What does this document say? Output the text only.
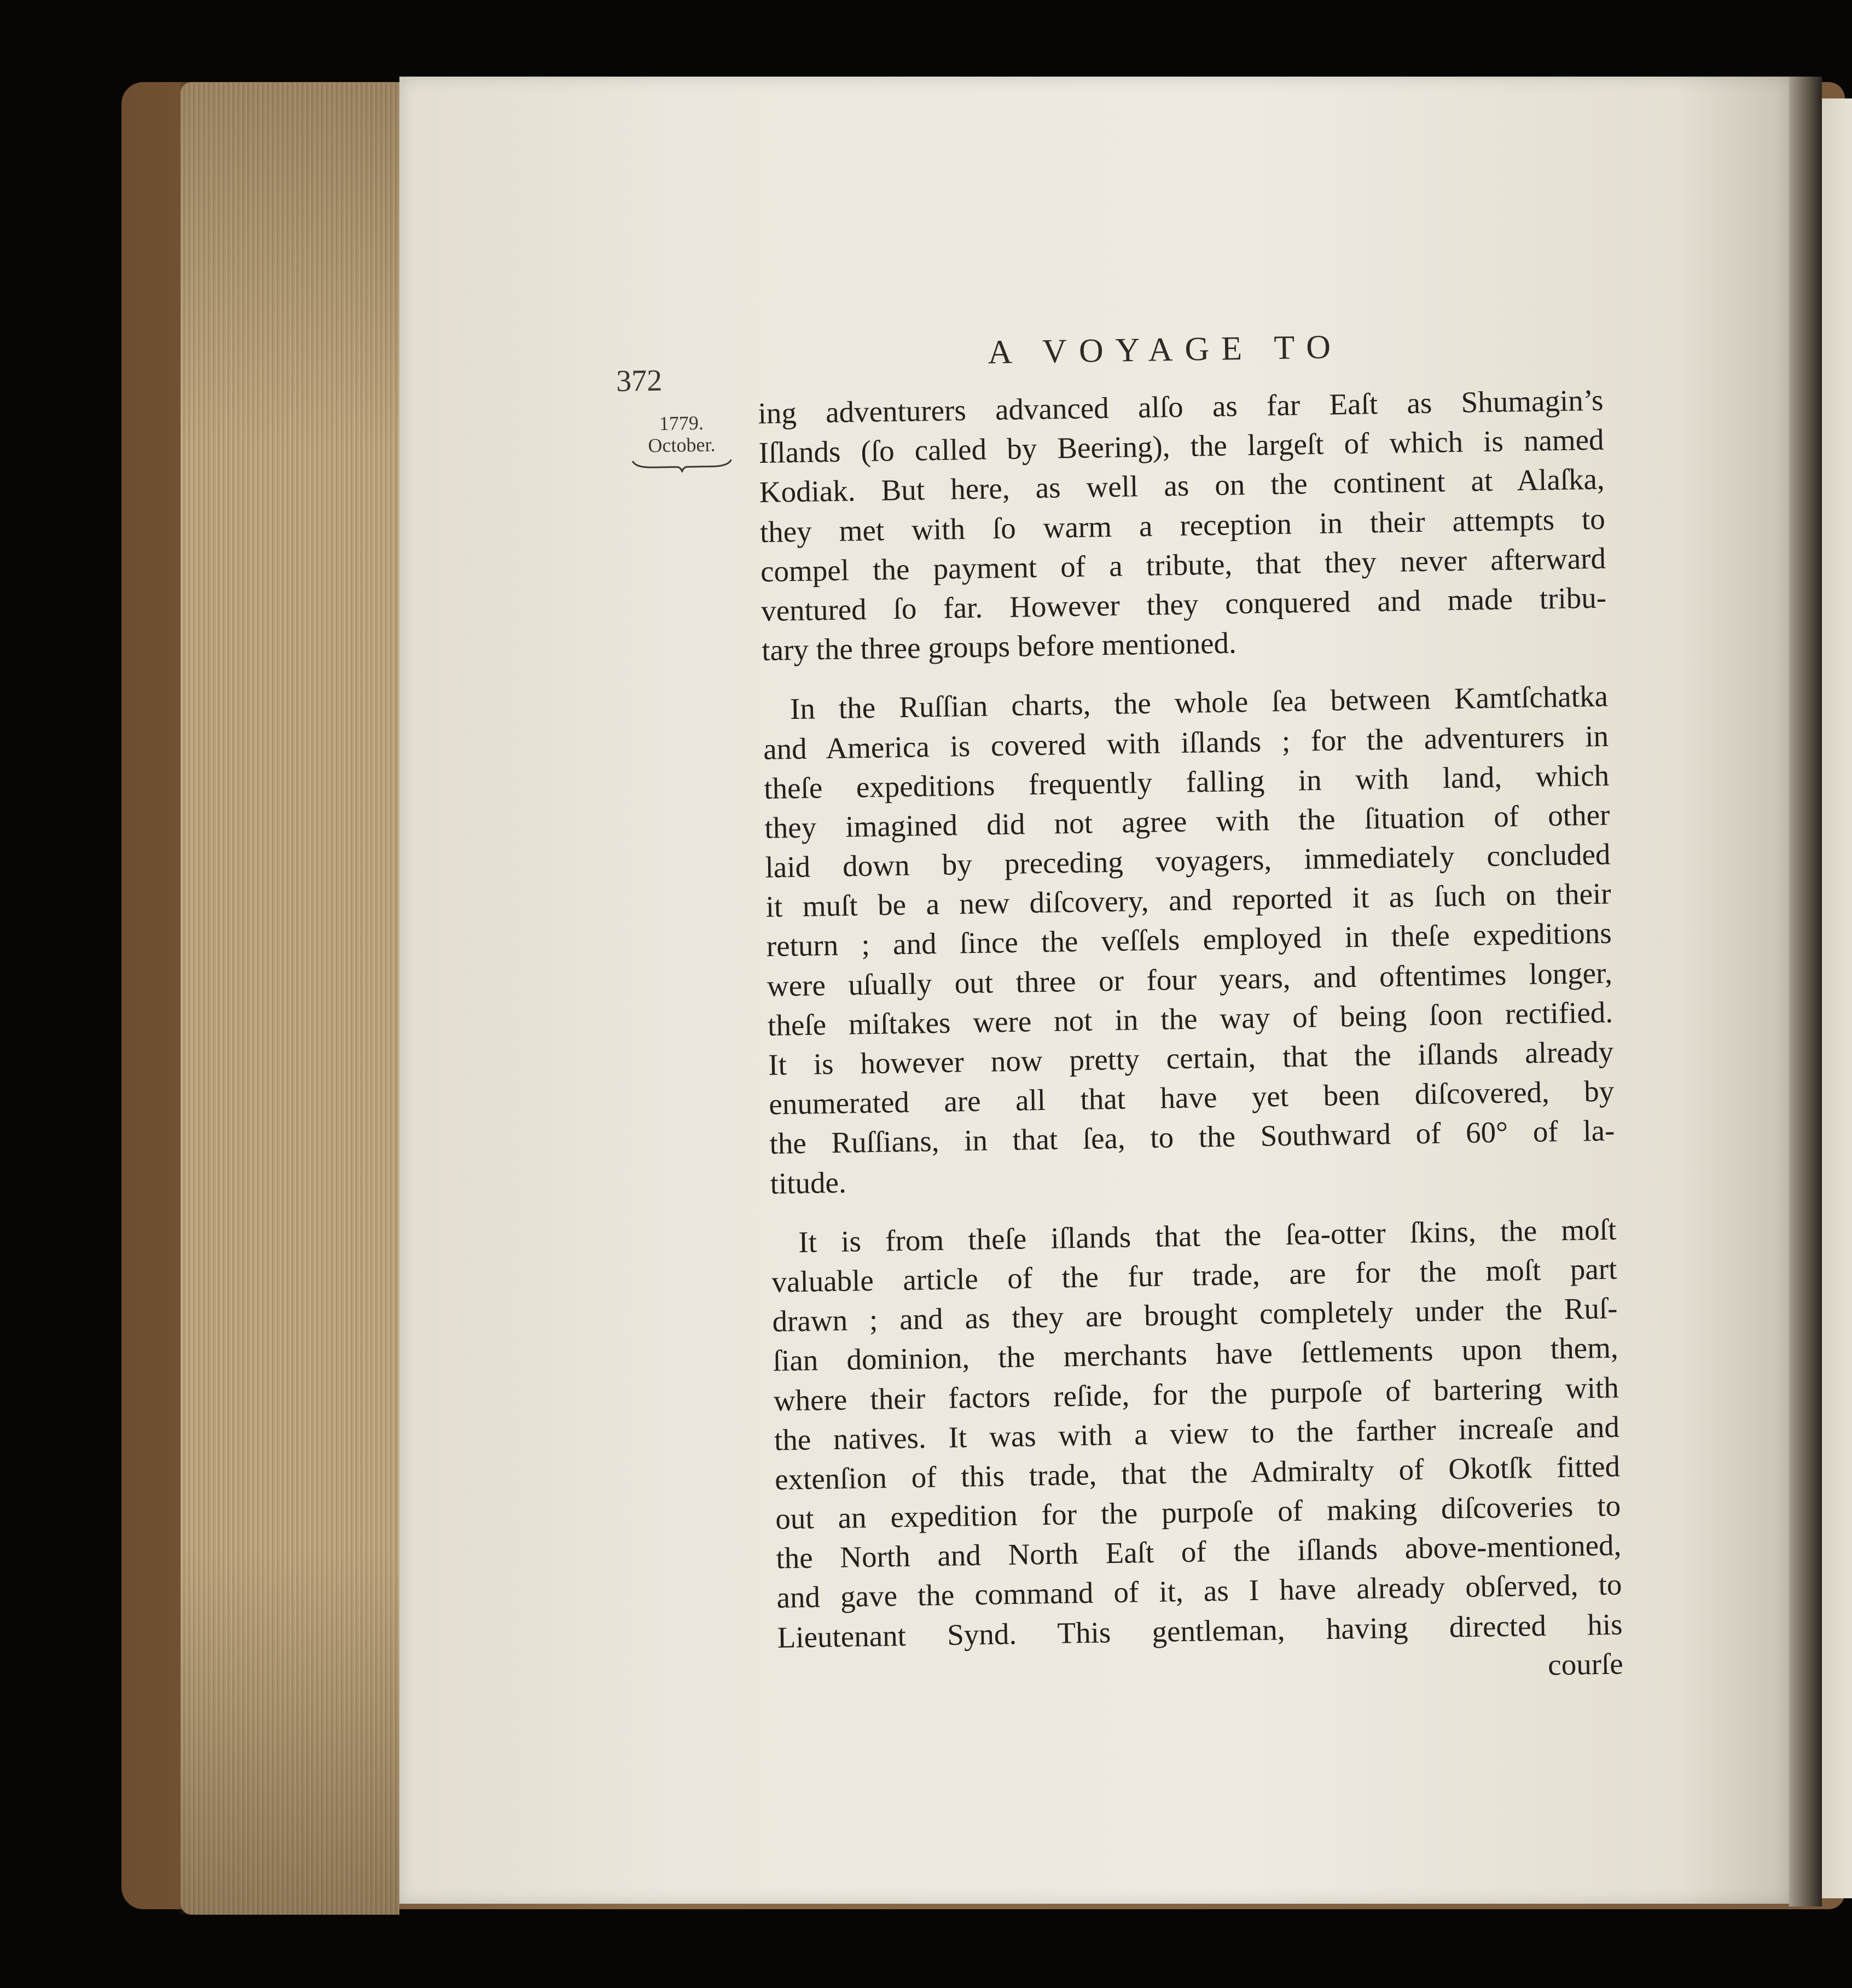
372
A VOYAGE TO
1779.
October.
ing adventurers advanced alſo as far Eaſt as Shumagin’s
Iſlands (ſo called by Beering), the largeſt of which is named
Kodiak. But here, as well as on the continent at Alaſka,
they met with ſo warm a reception in their attempts to
compel the payment of a tribute, that they never afterward
ventured ſo far. However they conquered and made tribu-
tary the three groups before mentioned.
In the Ruſſian charts, the whole ſea between Kamtſchatka
and America is covered with iſlands ; for the adventurers in
theſe expeditions frequently falling in with land, which
they imagined did not agree with the ſituation of other
laid down by preceding voyagers, immediately concluded
it muſt be a new diſcovery, and reported it as ſuch on their
return ; and ſince the veſſels employed in theſe expeditions
were uſually out three or four years, and oftentimes longer,
theſe miſtakes were not in the way of being ſoon rectified.
It is however now pretty certain, that the iſlands already
enumerated are all that have yet been diſcovered, by
the Ruſſians, in that ſea, to the Southward of 60° of la-
titude.
It is from theſe iſlands that the ſea-otter ſkins, the moſt
valuable article of the fur trade, are for the moſt part
drawn ; and as they are brought completely under the Ruſ-
ſian dominion, the merchants have ſettlements upon them,
where their factors reſide, for the purpoſe of bartering with
the natives. It was with a view to the farther increaſe and
extenſion of this trade, that the Admiralty of Okotſk fitted
out an expedition for the purpoſe of making diſcoveries to
the North and North Eaſt of the iſlands above-mentioned,
and gave the command of it, as I have already obſerved, to
Lieutenant Synd. This gentleman, having directed his
courſe
